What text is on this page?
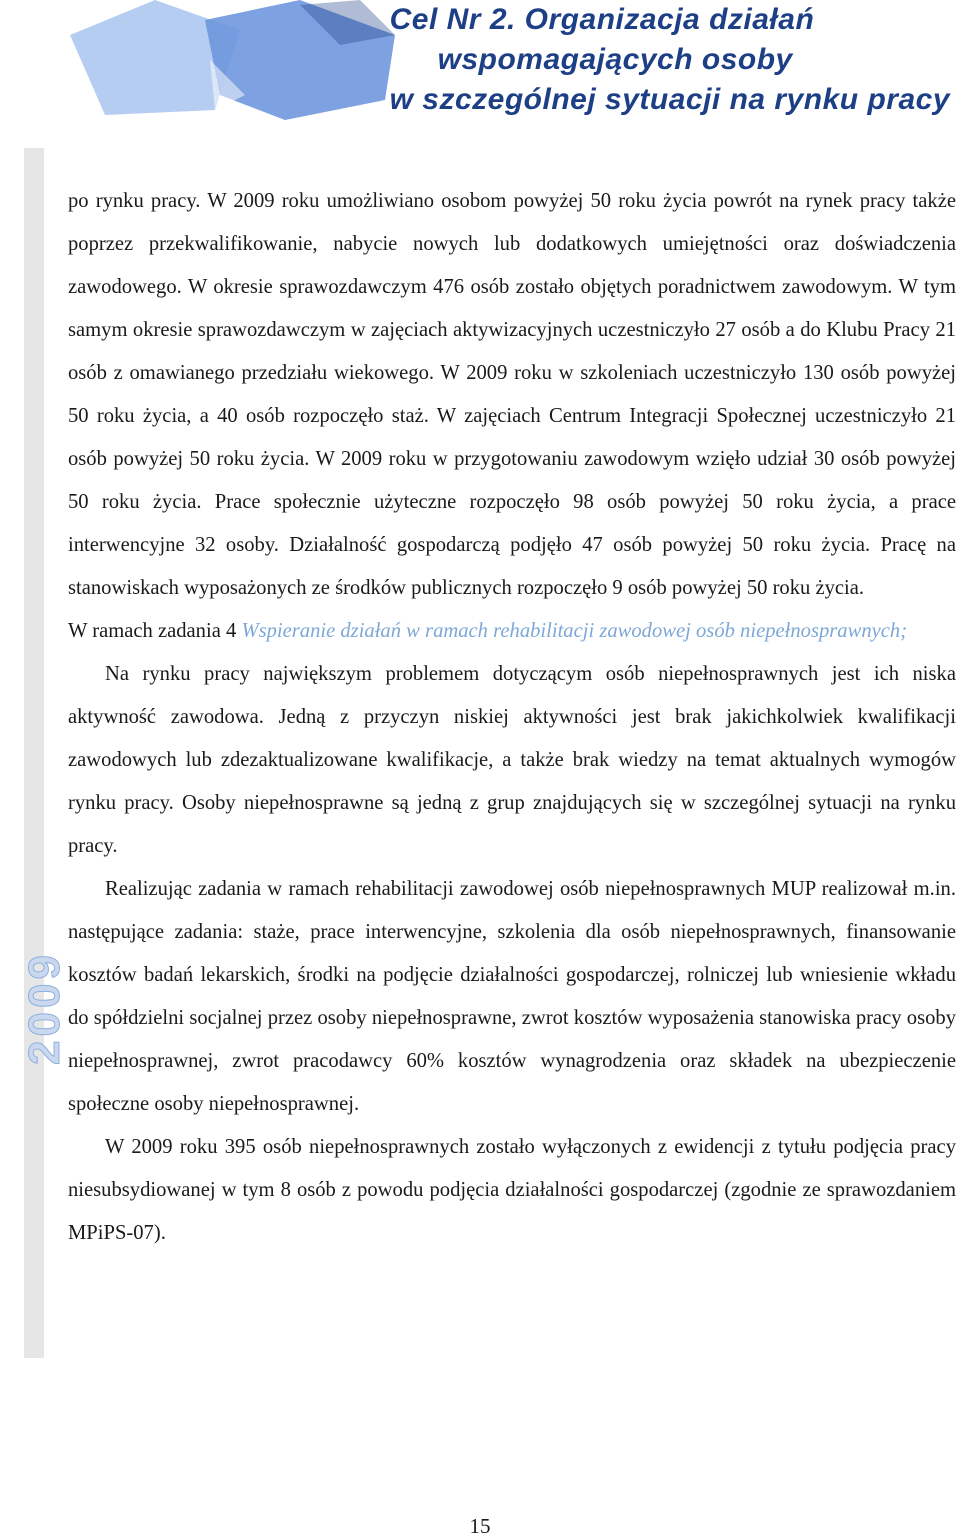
Cel Nr 2. Organizacja działań
wspomagających osoby
w szczególnej sytuacji na rynku pracy
2009

po rynku pracy. W 2009 roku umożliwiano osobom powyżej 50 roku życia powrót na rynek pracy także poprzez przekwalifikowanie, nabycie nowych lub dodatkowych umiejętności oraz doświadczenia zawodowego. W okresie sprawozdawczym 476 osób zostało objętych poradnictwem zawodowym. W tym samym okresie sprawozdawczym w zajęciach aktywizacyjnych uczestniczyło 27 osób a do Klubu Pracy 21 osób z omawianego przedziału wiekowego. W 2009 roku w szkoleniach uczestniczyło 130 osób powyżej 50 roku życia, a 40 osób rozpoczęło staż. W zajęciach Centrum Integracji Społecznej uczestniczyło 21 osób powyżej 50 roku życia. W 2009 roku w przygotowaniu zawodowym wzięło udział 30 osób powyżej 50 roku życia. Prace społecznie użyteczne rozpoczęło 98 osób powyżej 50 roku życia, a prace interwencyjne 32 osoby. Działalność gospodarczą podjęło 47 osób powyżej 50 roku życia. Pracę na stanowiskach wyposażonych ze środków publicznych rozpoczęło 9 osób powyżej 50 roku życia.

W ramach zadania 4 Wspieranie działań w ramach rehabilitacji zawodowej osób niepełnosprawnych;

Na rynku pracy największym problemem dotyczącym osób niepełnosprawnych jest ich niska aktywność zawodowa. Jedną z przyczyn niskiej aktywności jest brak jakichkolwiek kwalifikacji zawodowych lub zdezaktualizowane kwalifikacje, a także brak wiedzy na temat aktualnych wymogów rynku pracy. Osoby niepełnosprawne są jedną z grup znajdujących się w szczególnej sytuacji na rynku pracy.

Realizując zadania w ramach rehabilitacji zawodowej osób niepełnosprawnych MUP realizował m.in. następujące zadania: staże, prace interwencyjne, szkolenia dla osób niepełnosprawnych, finansowanie kosztów badań lekarskich, środki na podjęcie działalności gospodarczej, rolniczej lub wniesienie wkładu do spółdzielni socjalnej przez osoby niepełnosprawne, zwrot kosztów wyposażenia stanowiska pracy osoby niepełnosprawnej, zwrot pracodawcy 60% kosztów wynagrodzenia oraz składek na ubezpieczenie społeczne osoby niepełnosprawnej.

W 2009 roku 395 osób niepełnosprawnych zostało wyłączonych z ewidencji z tytułu podjęcia pracy niesubsydiowanej w tym 8 osób z powodu podjęcia działalności gospodarczej (zgodnie ze sprawozdaniem MPiPS-07).

15
